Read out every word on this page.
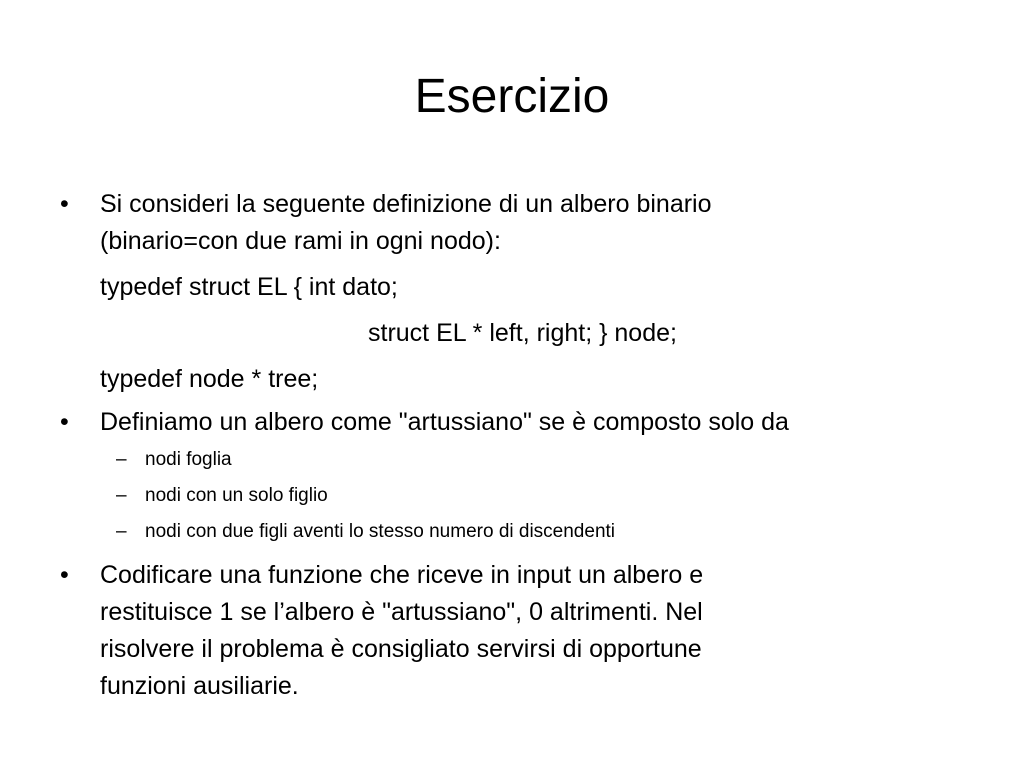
Esercizio
•	Si consideri la seguente definizione di un albero binario
(binario=con due rami in ogni nodo):
typedef struct EL { int dato;
struct EL * left, right; } node;
typedef node * tree;
•	Definiamo un albero come "artussiano" se è composto solo da
– nodi foglia
– nodi con un solo figlio
– nodi con due figli aventi lo stesso numero di discendenti
•	Codificare una funzione che riceve in input un albero e
restituisce 1 se l’albero è "artussiano", 0 altrimenti. Nel
risolvere il problema è consigliato servirsi di opportune
funzioni ausiliarie.
